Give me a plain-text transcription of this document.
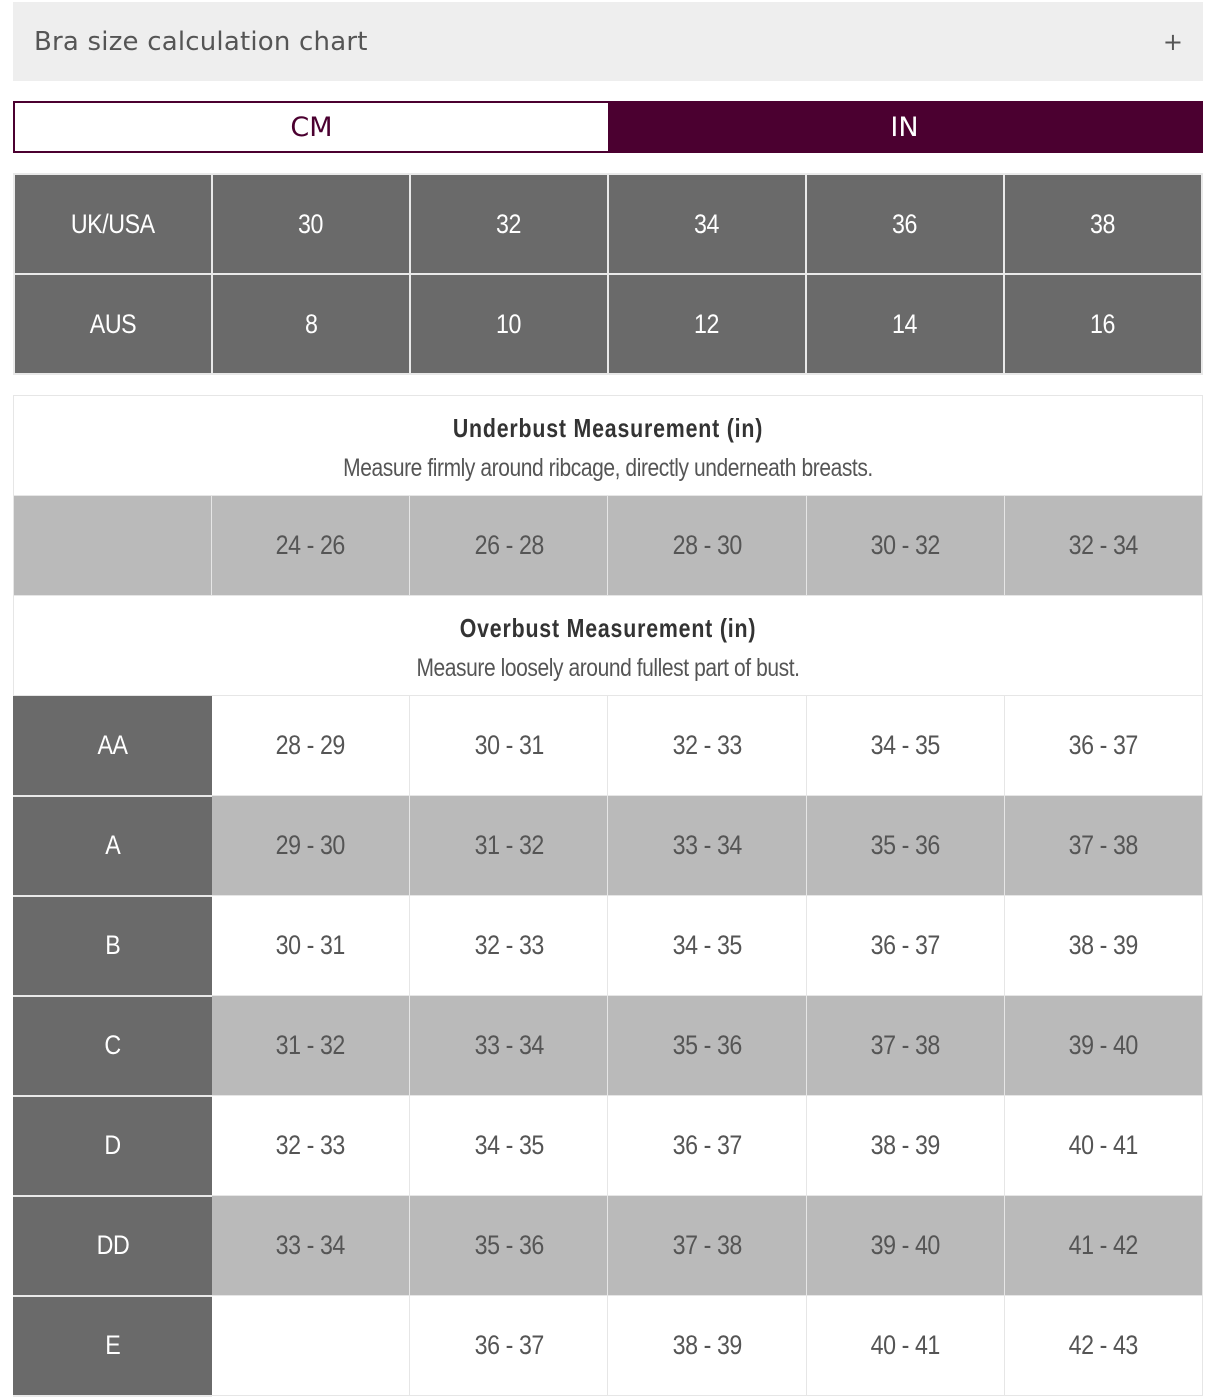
Bra size calculation chart	+
CM	IN
UK/USA	30	32	34	36	38
AUS	8	10	12	14	16
Underbust Measurement (in)
Measure firmly around ribcage, directly underneath breasts.					

	24 - 26	26 - 28	28 - 30	30 - 32	32 - 34

Overbust Measurement (in)
Measure loosely around fullest part of bust.					

AA	28 - 29	30 - 31	32 - 33	34 - 35	36 - 37
A	29 - 30	31 - 32	33 - 34	35 - 36	37 - 38
B	30 - 31	32 - 33	34 - 35	36 - 37	38 - 39
C	31 - 32	33 - 34	35 - 36	37 - 38	39 - 40
D	32 - 33	34 - 35	36 - 37	38 - 39	40 - 41
DD	33 - 34	35 - 36	37 - 38	39 - 40	41 - 42
E		36 - 37	38 - 39	40 - 41	42 - 43
